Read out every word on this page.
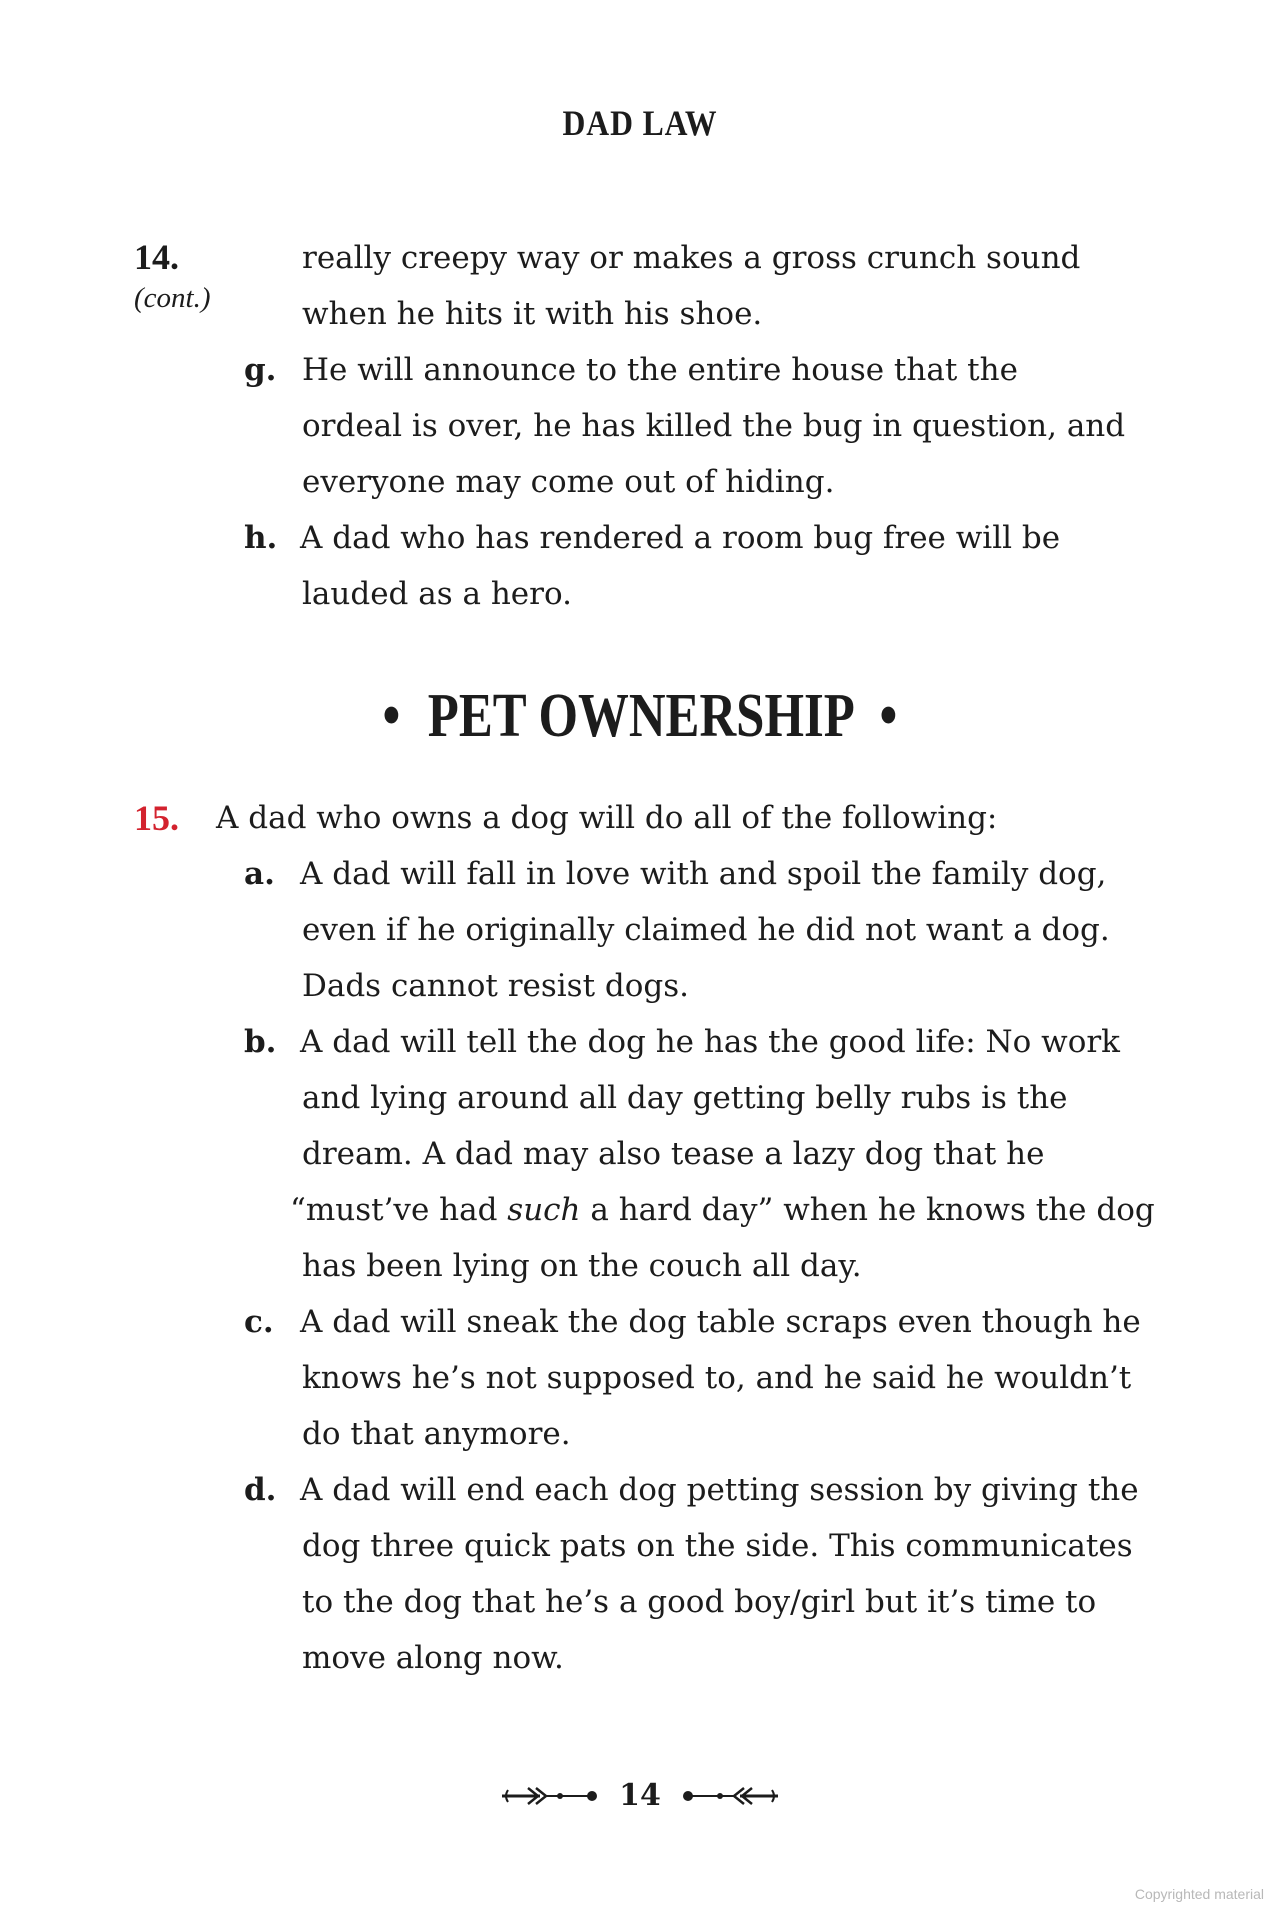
DAD LAW
14.
(cont.)
really creepy way or makes a gross crunch sound
when he hits it with his shoe.
g. He will announce to the entire house that the
ordeal is over, he has killed the bug in question, and
everyone may come out of hiding.
h. A dad who has rendered a room bug free will be
lauded as a hero.
• PET OWNERSHIP •
15. A dad who owns a dog will do all of the following:
a. A dad will fall in love with and spoil the family dog,
even if he originally claimed he did not want a dog.
Dads cannot resist dogs.
b. A dad will tell the dog he has the good life: No work
and lying around all day getting belly rubs is the
dream. A dad may also tease a lazy dog that he
“must’ve had such a hard day” when he knows the dog
has been lying on the couch all day.
c. A dad will sneak the dog table scraps even though he
knows he’s not supposed to, and he said he wouldn’t
do that anymore.
d. A dad will end each dog petting session by giving the
dog three quick pats on the side. This communicates
to the dog that he’s a good boy/girl but it’s time to
move along now.
14
Copyrighted material
